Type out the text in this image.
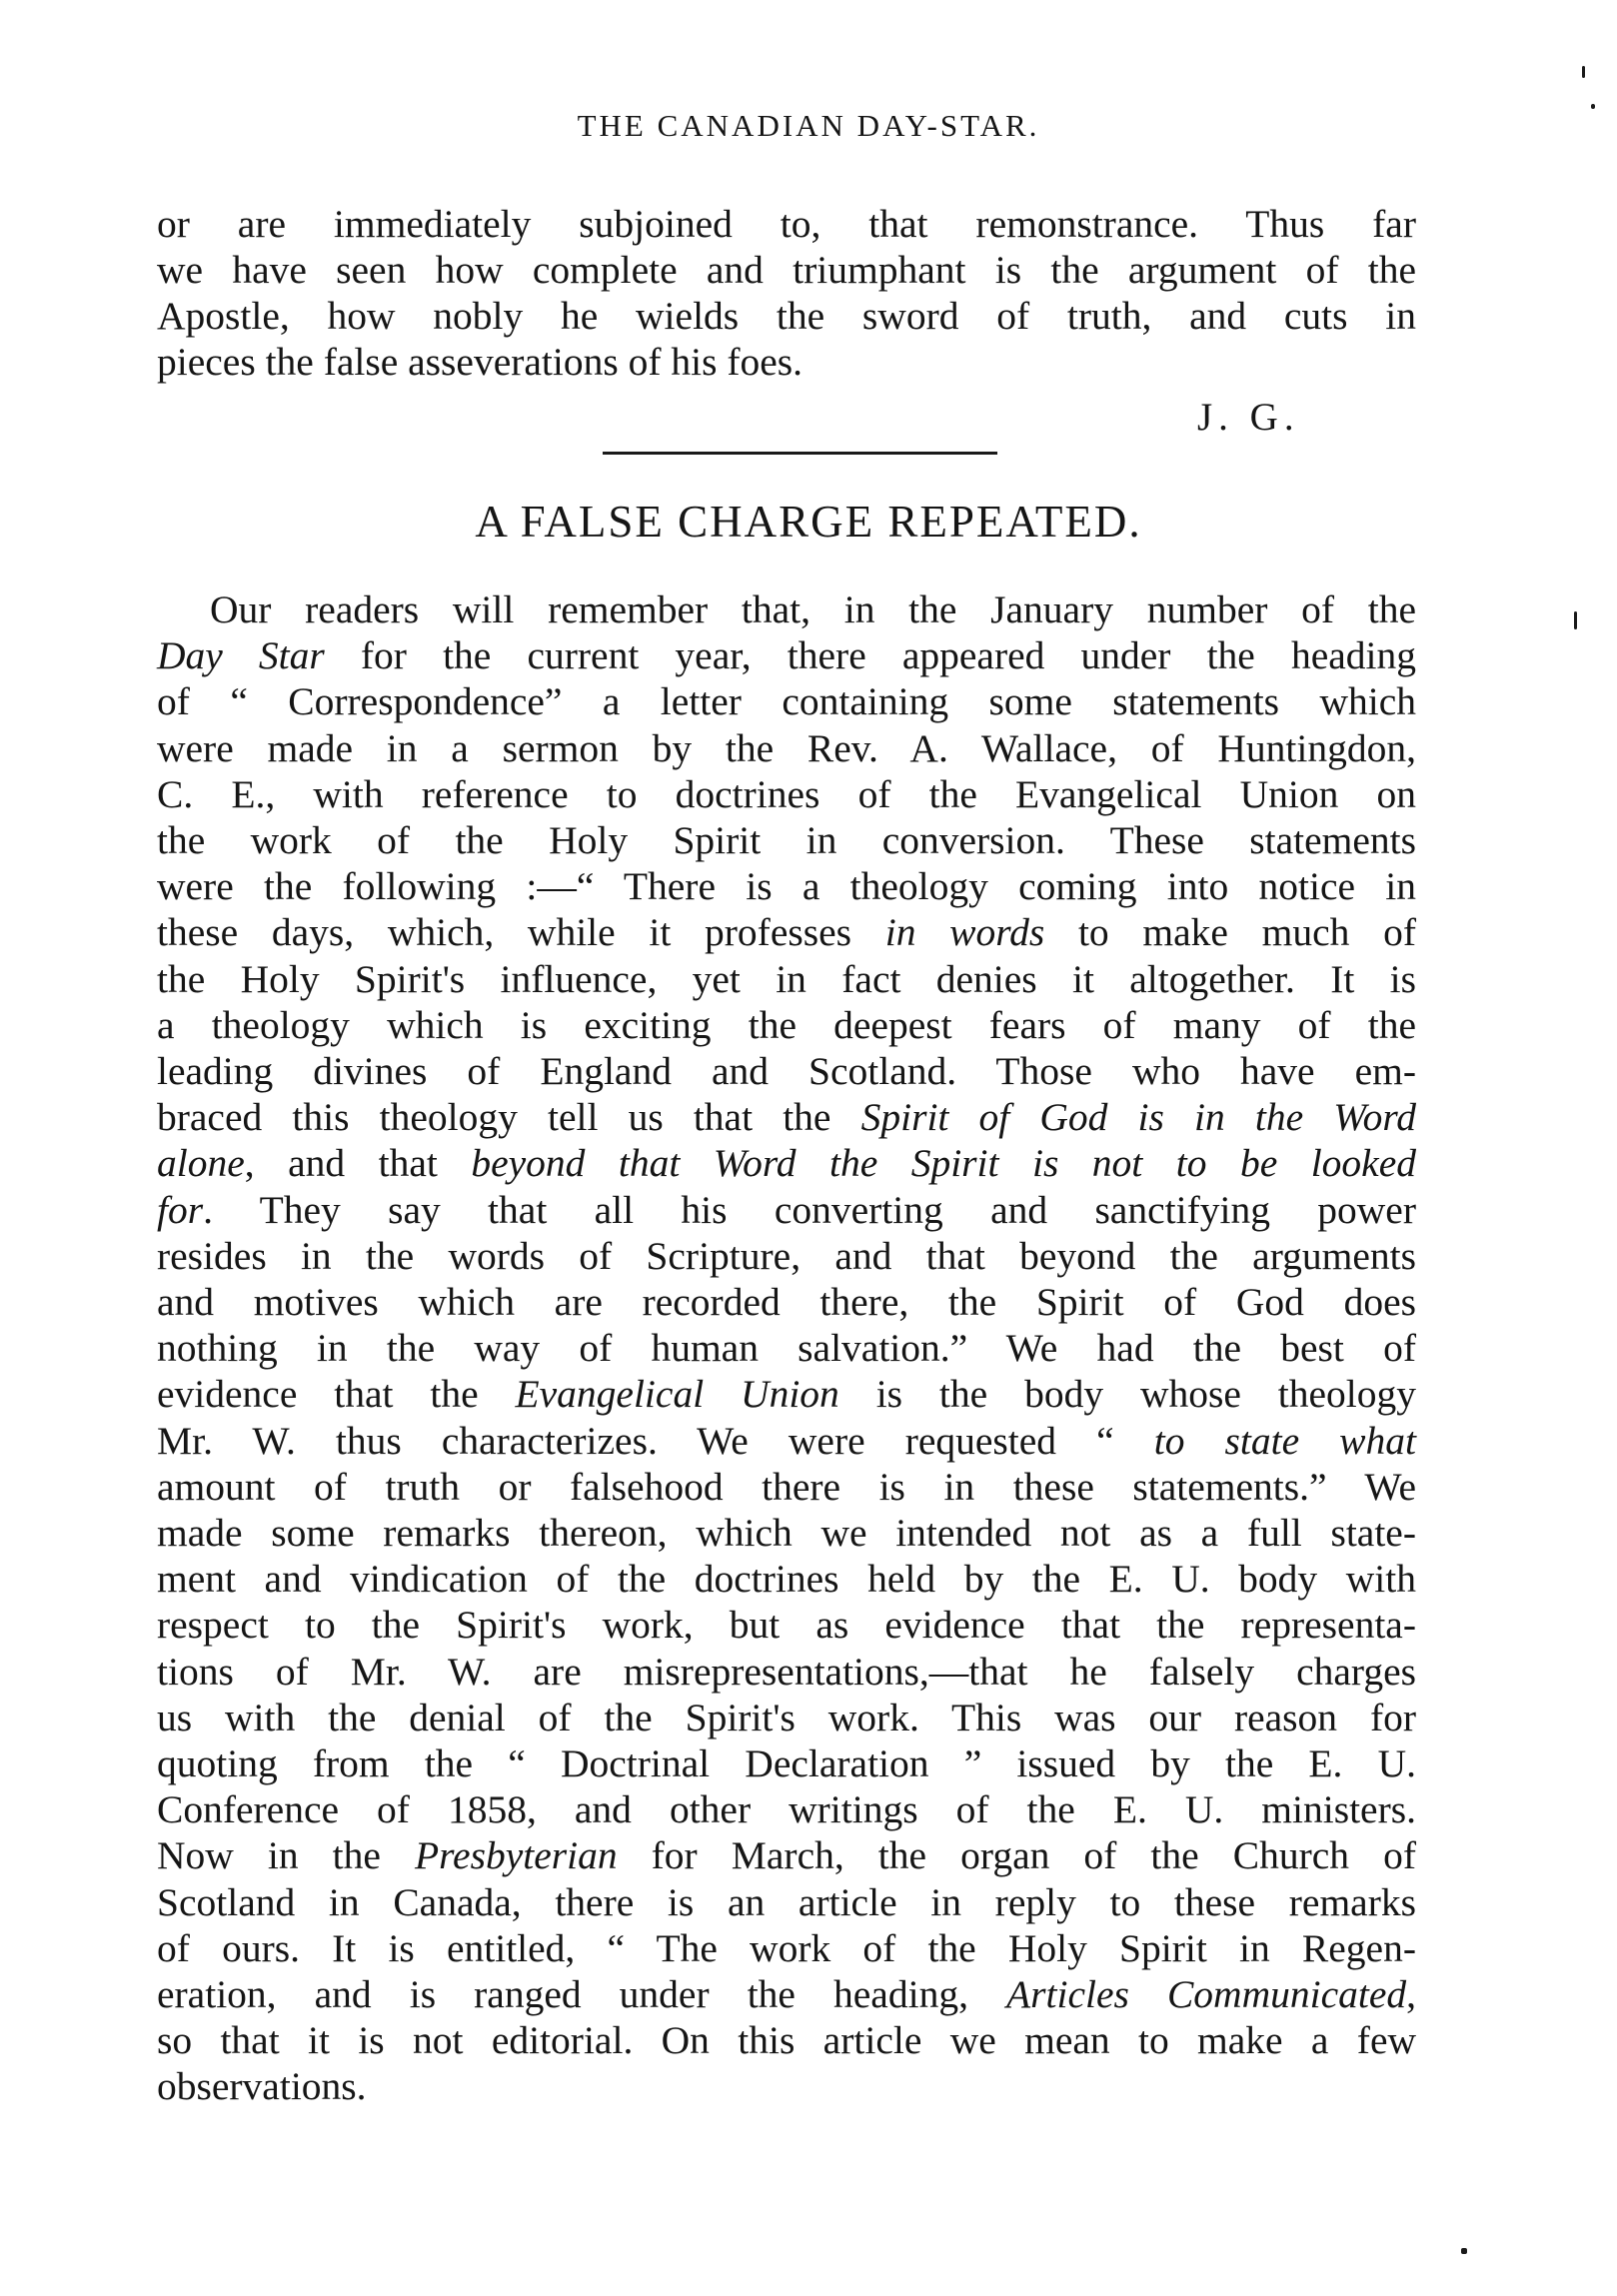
THE CANADIAN DAY-STAR.
or are immediately subjoined to, that remonstrance. Thus far
we have seen how complete and triumphant is the argument of the
Apostle, how nobly he wields the sword of truth, and cuts in
pieces the false asseverations of his foes.
J. G.
A FALSE CHARGE REPEATED.
Our readers will remember that, in the January number of the
Day Star for the current year, there appeared under the heading
of “ Correspondence” a letter containing some statements which
were made in a sermon by the Rev. A. Wallace, of Huntingdon,
C. E., with reference to doctrines of the Evangelical Union on
the work of the Holy Spirit in conversion. These statements
were the following :—“ There is a theology coming into notice in
these days, which, while it professes in words to make much of
the Holy Spirit's influence, yet in fact denies it altogether. It is
a theology which is exciting the deepest fears of many of the
leading divines of England and Scotland. Those who have em-
braced this theology tell us that the Spirit of God is in the Word
alone, and that beyond that Word the Spirit is not to be looked
for. They say that all his converting and sanctifying power
resides in the words of Scripture, and that beyond the arguments
and motives which are recorded there, the Spirit of God does
nothing in the way of human salvation.” We had the best of
evidence that the Evangelical Union is the body whose theology
Mr. W. thus characterizes. We were requested “ to state what
amount of truth or falsehood there is in these statements.” We
made some remarks thereon, which we intended not as a full state-
ment and vindication of the doctrines held by the E. U. body with
respect to the Spirit's work, but as evidence that the representa-
tions of Mr. W. are misrepresentations,—that he falsely charges
us with the denial of the Spirit's work. This was our reason for
quoting from the “ Doctrinal Declaration ” issued by the E. U.
Conference of 1858, and other writings of the E. U. ministers.
Now in the Presbyterian for March, the organ of the Church of
Scotland in Canada, there is an article in reply to these remarks
of ours. It is entitled, “ The work of the Holy Spirit in Regen-
eration, and is ranged under the heading, Articles Communicated,
so that it is not editorial. On this article we mean to make a few
observations.
